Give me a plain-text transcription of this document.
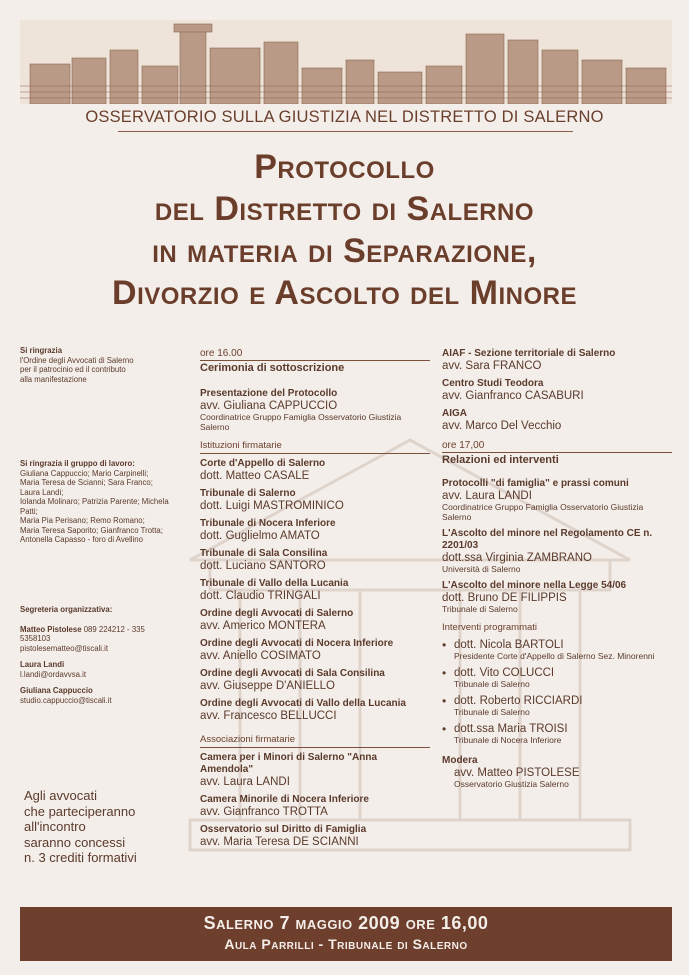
OSSERVATORIO SULLA GIUSTIZIA NEL DISTRETTO DI SALERNO
Protocollo
del Distretto di Salerno
in materia di Separazione,
Divorzio e Ascolto del Minore
Si ringrazia
l'Ordine degli Avvocati di Salerno
per il patrocinio ed il contributo
alla manifestazione
Si ringrazia il gruppo di lavoro:
Giuliana Cappuccio; Mario Carpinelli;
Maria Teresa de Scianni; Sara Franco; Laura Landi;
Iolanda Molinaro; Patrizia Parente; Michela Patti;
Maria Pia Perisano; Remo Romano;
Maria Teresa Saporito; Gianfranco Trotta;
Antonella Capasso - foro di Avellino
Segreteria organizzativa:
Matteo Pistolese 089 224212 - 335 5358103
pistolesematteo@tiscali.it
Laura Landi
l.landi@ordavvsa.it
Giuliana Cappuccio
studio.cappuccio@tiscali.it
Agli avvocati
che parteciperanno
all'incontro
saranno concessi
n. 3 crediti formativi
ore 16.00
Cerimonia di sottoscrizione
Presentazione del Protocollo
avv. Giuliana CAPPUCCIO
Coordinatrice Gruppo Famiglia Osservatorio Giustizia Salerno
Istituzioni firmatarie
Corte d'Appello di Salerno
dott. Matteo CASALE
Tribunale di Salerno
dott. Luigi MASTROMINICO
Tribunale di Nocera Inferiore
dott. Guglielmo AMATO
Tribunale di Sala Consilina
dott. Luciano SANTORO
Tribunale di Vallo della Lucania
dott. Claudio TRINGALI
Ordine degli Avvocati di Salerno
avv. Americo MONTERA
Ordine degli Avvocati di Nocera Inferiore
avv. Aniello COSIMATO
Ordine degli Avvocati di Sala Consilina
avv. Giuseppe D'ANIELLO
Ordine degli Avvocati di Vallo della Lucania
avv. Francesco BELLUCCI
Associazioni firmatarie
Camera per i Minori di Salerno "Anna Amendola"
avv. Laura LANDI
Camera Minorile di Nocera Inferiore
avv. Gianfranco TROTTA
Osservatorio sul Diritto di Famiglia
avv. Maria Teresa DE SCIANNI
AIAF - Sezione territoriale di Salerno
avv. Sara FRANCO
Centro Studi Teodora
avv. Gianfranco CASABURI
AIGA
avv. Marco Del Vecchio
ore 17,00
Relazioni ed interventi
Protocolli "di famiglia" e prassi comuni
avv. Laura LANDI
Coordinatrice Gruppo Famiglia Osservatorio Giustizia Salerno
L'Ascolto del minore nel Regolamento CE n. 2201/03
dott.ssa Virginia ZAMBRANO
Università di Salerno
L'Ascolto del minore nella Legge 54/06
dott. Bruno DE FILIPPIS
Tribunale di Salerno
Interventi programmati
• dott. Nicola BARTOLI
Presidente Corte d'Appello di Salerno Sez. Minorenni
• dott. Vito COLUCCI
Tribunale di Salerno
• dott. Roberto RICCIARDI
Tribunale di Salerno
• dott.ssa Maria TROISI
Tribunale di Nocera Inferiore
Modera
avv. Matteo PISTOLESE
Osservatorio Giustizia Salerno
Salerno 7 maggio 2009 ore 16,00
Aula Parrilli - Tribunale di Salerno
